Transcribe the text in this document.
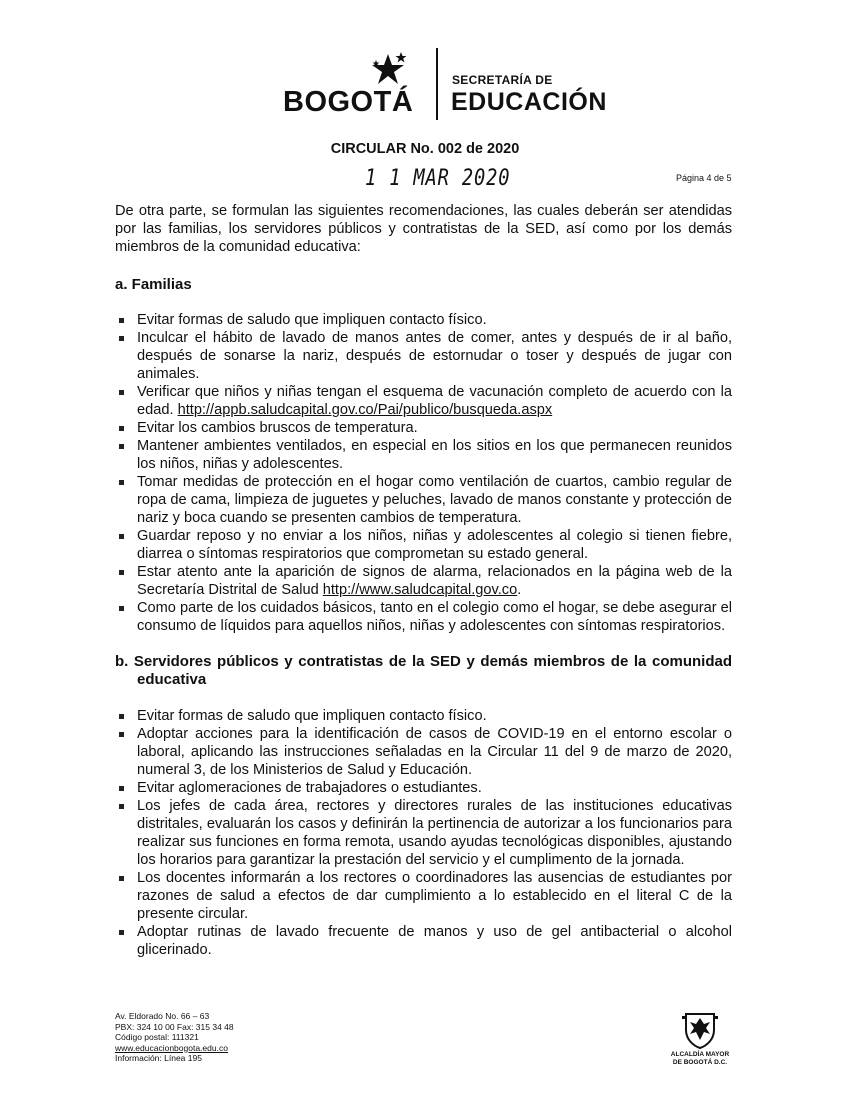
BOGOTÁ
SECRETARÍA DE
EDUCACIÓN
CIRCULAR No. 002 de 2020
1 1 MAR 2020	Página 4 de 5

De otra parte, se formulan las siguientes recomendaciones, las cuales deberán ser atendidas por las familias, los servidores públicos y contratistas de la SED, así como por los demás miembros de la comunidad educativa:

a. Familias

Evitar formas de saludo que impliquen contacto físico.
Inculcar el hábito de lavado de manos antes de comer, antes y después de ir al baño, después de sonarse la nariz, después de estornudar o toser y después de jugar con animales.
Verificar que niños y niñas tengan el esquema de vacunación completo de acuerdo con la edad. http://appb.saludcapital.gov.co/Pai/publico/busqueda.aspx
Evitar los cambios bruscos de temperatura.
Mantener ambientes ventilados, en especial en los sitios en los que permanecen reunidos los niños, niñas y adolescentes.
Tomar medidas de protección en el hogar como ventilación de cuartos, cambio regular de ropa de cama, limpieza de juguetes y peluches, lavado de manos constante y protección de nariz y boca cuando se presenten cambios de temperatura.
Guardar reposo y no enviar a los niños, niñas y adolescentes al colegio si tienen fiebre, diarrea o síntomas respiratorios que comprometan su estado general.
Estar atento ante la aparición de signos de alarma, relacionados en la página web de la Secretaría Distrital de Salud http://www.saludcapital.gov.co.
Como parte de los cuidados básicos, tanto en el colegio como el hogar, se debe asegurar el consumo de líquidos para aquellos niños, niñas y adolescentes con síntomas respiratorios.

b. Servidores públicos y contratistas de la SED y demás miembros de la comunidad educativa

Evitar formas de saludo que impliquen contacto físico.
Adoptar acciones para la identificación de casos de COVID-19 en el entorno escolar o laboral, aplicando las instrucciones señaladas en la Circular 11 del 9 de marzo de 2020, numeral 3, de los Ministerios de Salud y Educación.
Evitar aglomeraciones de trabajadores o estudiantes.
Los jefes de cada área, rectores y directores rurales de las instituciones educativas distritales, evaluarán los casos y definirán la pertinencia de autorizar a los funcionarios para realizar sus funciones en forma remota, usando ayudas tecnológicas disponibles, ajustando los horarios para garantizar la prestación del servicio y el cumplimento de la jornada.
Los docentes informarán a los rectores o coordinadores las ausencias de estudiantes por razones de salud a efectos de dar cumplimiento a lo establecido en el literal C de la presente circular.
Adoptar rutinas de lavado frecuente de manos y uso de gel antibacterial o alcohol glicerinado.
Av. Eldorado No. 66 – 63
PBX: 324 10 00 Fax: 315 34 48
Código postal: 111321
www.educacionbogota.edu.co
Información: Línea 195	ALCALDÍA MAYOR
DE BOGOTÁ D.C.
